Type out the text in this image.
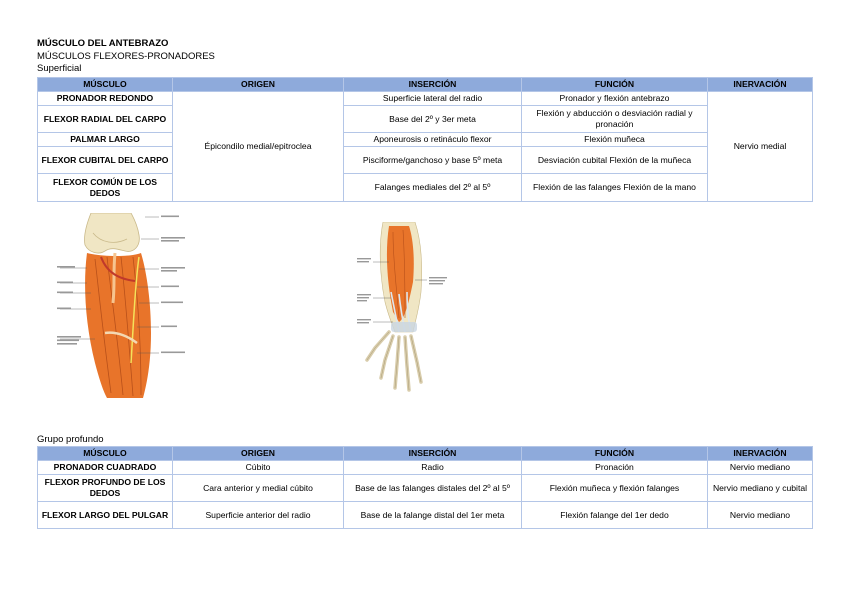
MÚSCULO DEL ANTEBRAZO
MÚSCULOS FLEXORES-PRONADORES
Superficial
MÚSCULO	ORIGEN	INSERCIÓN	FUNCIÓN	INERVACIÓN
PRONADOR REDONDO	Épicondilo medial/epitroclea	Superficie lateral del radio	Pronador y flexión antebrazo	Nervio medial
FLEXOR RADIAL DEL CARPO		Base del 2º y 3er meta	Flexión y abducción o desviación radial y pronación	
PALMAR LARGO		Aponeurosis o retináculo flexor	Flexión muñeca	
FLEXOR CUBITAL DEL CARPO		Pisciforme/ganchoso y base 5º meta	Desviación cubital Flexión de la muñeca	
FLEXOR COMÚN DE LOS DEDOS		Falanges mediales del 2º al 5º	Flexión de las falanges Flexión de la mano	
Grupo profundo
MÚSCULO	ORIGEN	INSERCIÓN	FUNCIÓN	INERVACIÓN
PRONADOR CUADRADO	Cúbito	Radio	Pronación	Nervio mediano
FLEXOR PROFUNDO DE LOS DEDOS	Cara anterior y medial cúbito	Base de las falanges distales del 2º al 5º	Flexión muñeca y flexión falanges	Nervio mediano y cubital
FLEXOR LARGO DEL PULGAR	Superficie anterior del radio	Base de la falange distal del 1er meta	Flexión falange del 1er dedo	Nervio mediano
